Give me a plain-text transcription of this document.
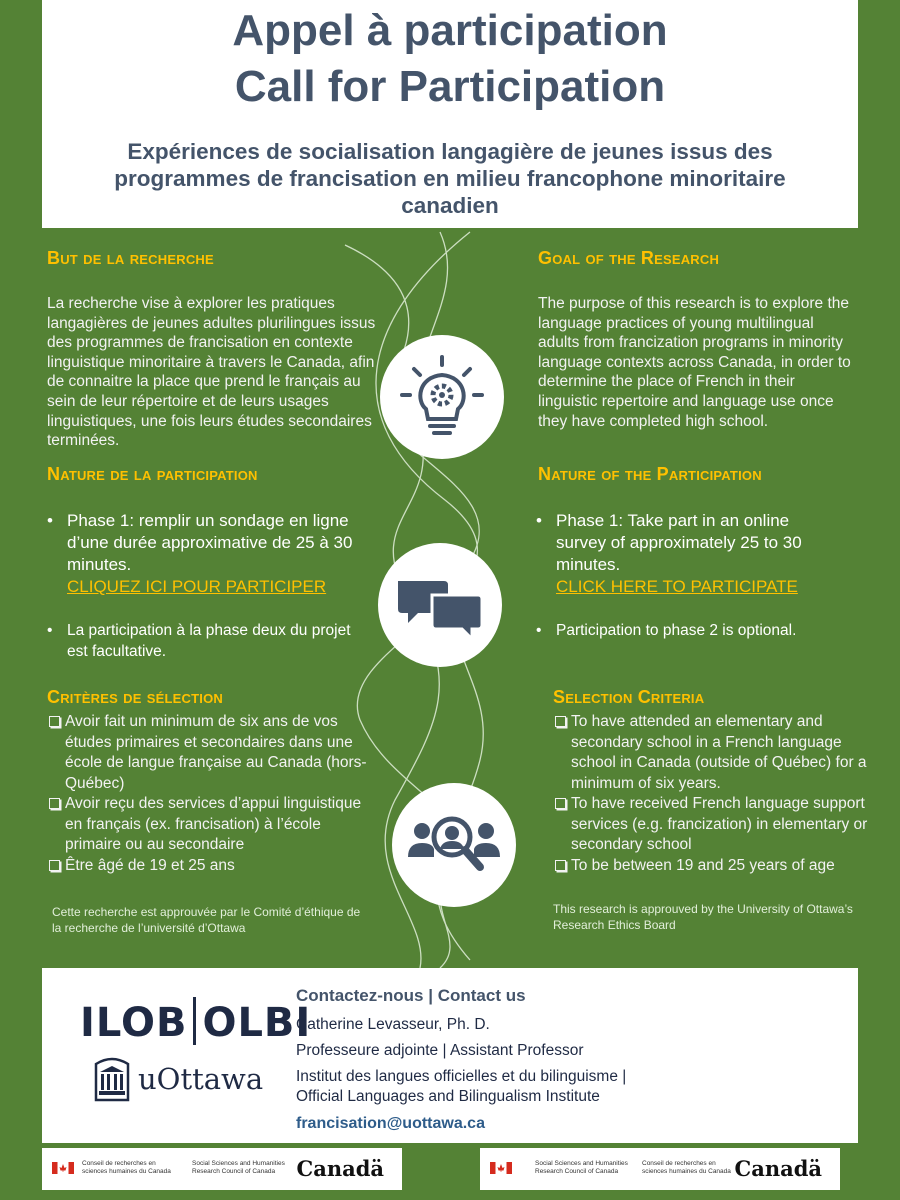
Appel à participation
Call for Participation
Expériences de socialisation langagière de jeunes issus des programmes de francisation en milieu francophone minoritaire canadien
But de la recherche
La recherche vise à explorer les pratiques langagières de jeunes adultes plurilingues issus des programmes de francisation en contexte linguistique minoritaire à travers le Canada, afin de connaitre la place que prend le français au sein de leur répertoire et de leurs usages linguistiques, une fois leurs études secondaires terminées.
Nature de la participation
• Phase 1: remplir un sondage en ligne d’une durée approximative de 25 à 30 minutes.
CLIQUEZ ICI POUR PARTICIPER
• La participation à la phase deux du projet est facultative.
Critères de sélection
Avoir fait un minimum de six ans de vos études primaires et secondaires dans une école de langue française au Canada (hors-Québec)
Avoir reçu des services d’appui linguistique en français (ex. francisation) à l’école primaire ou au secondaire
Être âgé de 19 et 25 ans
Cette recherche est approuvée par le Comité d’éthique de la recherche de l’université d’Ottawa
Goal of the Research
The purpose of this research is to explore the language practices of young multilingual adults from francization programs in minority language contexts across Canada, in order to determine the place of French in their linguistic repertoire and language use once they have completed high school.
Nature of the Participation
• Phase 1: Take part in an online survey of approximately 25 to 30 minutes.
CLICK HERE TO PARTICIPATE
• Participation to phase 2 is optional.
Selection Criteria
To have attended an elementary and secondary school in a French language school in Canada (outside of Québec) for a minimum of six years.
To have received French language support services (e.g. francization) in elementary or secondary school
To be between 19 and 25 years of age
This research is approuved by the University of Ottawa’s Research Ethics Board
ILOB OLBI
uOttawa
Contactez-nous | Contact us
Catherine Levasseur, Ph. D.
Professeure adjointe | Assistant Professor
Institut des langues officielles et du bilinguisme |
Official Languages and Bilingualism Institute
francisation@uottawa.ca
Conseil de recherches en
sciences humaines du Canada
Social Sciences and Humanities
Research Council of Canada	Canadä	Social Sciences and Humanities
Research Council of Canada
Conseil de recherches en
sciences humaines du Canada Canadä
